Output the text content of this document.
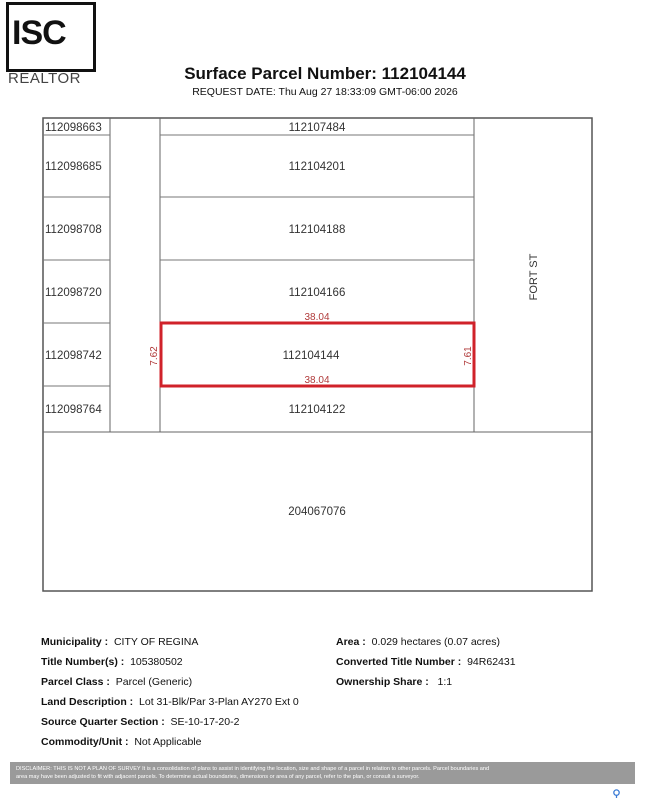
ISC
REALTOR	Surface Parcel Number: 112104144
REQUEST DATE: Thu Aug 27 18:33:09 GMT-06:00 2026
112098663
112098685
112098708
112098720
112098742
112098764
112107484
112104201
112104188
112104166
112104144
112104122
204067076
38.04
38.04
7.62	7.61
FORT ST
Municipality : CITY OF REGINA
Title Number(s) : 105380502
Parcel Class : Parcel (Generic)
Land Description : Lot 31-Blk/Par 3-Plan AY270 Ext 0
Source Quarter Section : SE-10-17-20-2
Commodity/Unit : Not Applicable
Area : 0.029 hectares (0.07 acres)
Converted Title Number : 94R62431
Ownership Share : 1:1
DISCLAIMER: THIS IS NOT A PLAN OF SURVEY It is a consolidation of plans to assist in identifying the location, size and shape of a parcel in relation to other parcels. Parcel boundaries and
area may have been adjusted to fit with adjacent parcels. To determine actual boundaries, dimensions or area of any parcel, refer to the plan, or consult a surveyor.
